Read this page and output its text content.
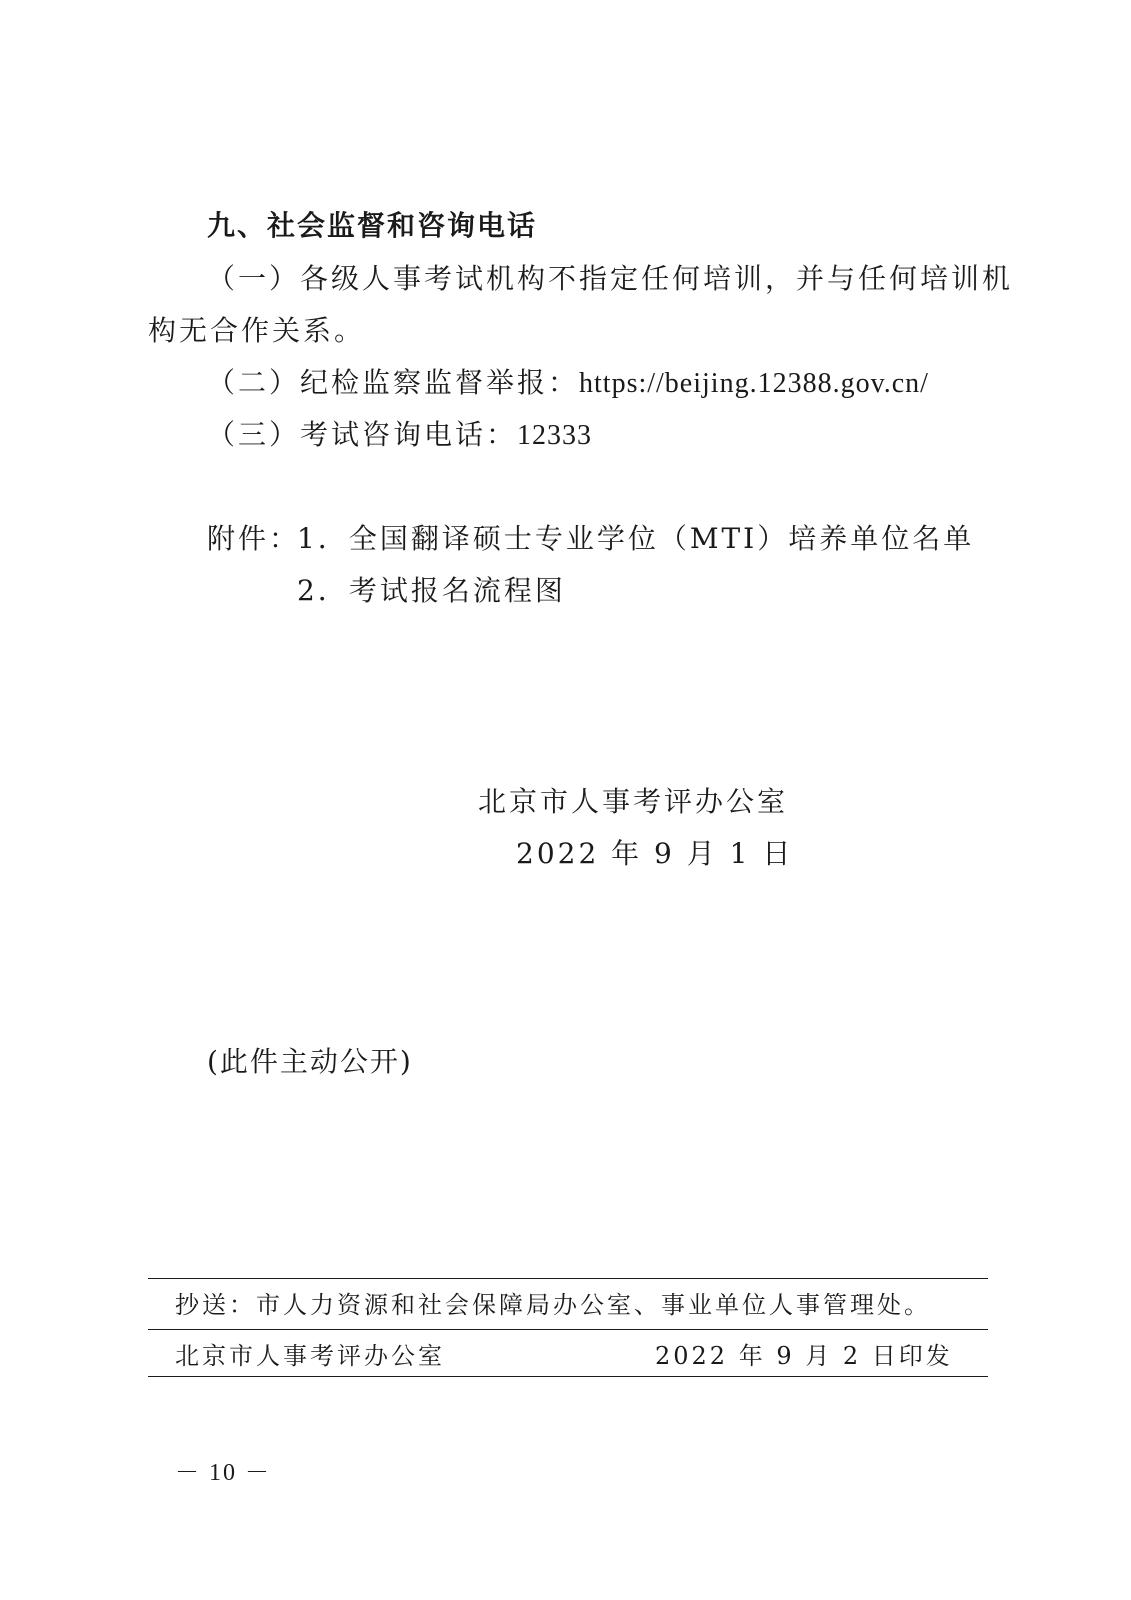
九、社会监督和咨询电话
（一）各级人事考试机构不指定任何培训，并与任何培训机
构无合作关系。
（二）纪检监察监督举报：https://beijing.12388.gov.cn/
（三）考试咨询电话：12333
附件：
1．全国翻译硕士专业学位（MTI）培养单位名单
2．考试报名流程图
北京市人事考评办公室
2022 年 9 月 1 日
(此件主动公开)
抄送：市人力资源和社会保障局办公室、事业单位人事管理处。
北京市人事考评办公室	2022 年 9 月 2 日印发
－ 10 －
